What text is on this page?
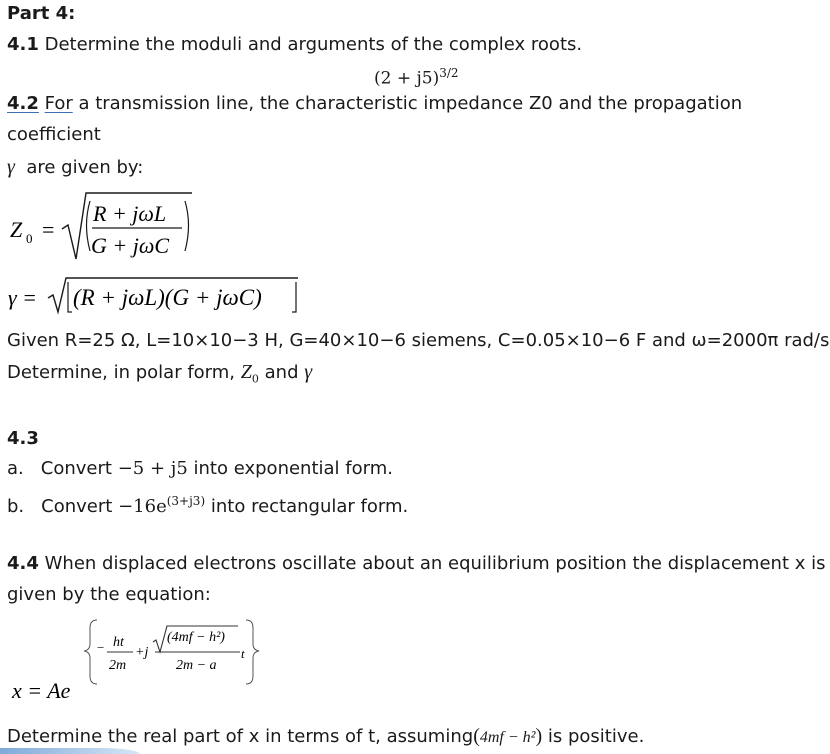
Part 4:
4.1 Determine the moduli and arguments of the complex roots.
$(2 + j5)^{3/2}$
4.2 For a transmission line, the characteristic impedance Z0 and the propagation
coefficient
γ are given by:
Z 0 =
R + jωL
G + jωC
γ = (R + jωL)(G + jωC)
Given R=25 Ω, L=10×10−3 H, G=40×10−6 siemens, C=0.05×10−6 F and ω=2000π rad/s
Determine, in polar form, $Z_0$ and γ
4.3
a. Convert −5 + j5 into exponential form.
b. Convert $-16e^{(3+j3)}$ into rectangular form.
4.4 When displaced electrons oscillate about an equilibrium position the displacement x is
given by the equation:
− ht
2m
+j
(4mf − h²)
2m − a
t
x = Ae
Determine the real part of x in terms of t, assuming(4mf − h²) is positive.
